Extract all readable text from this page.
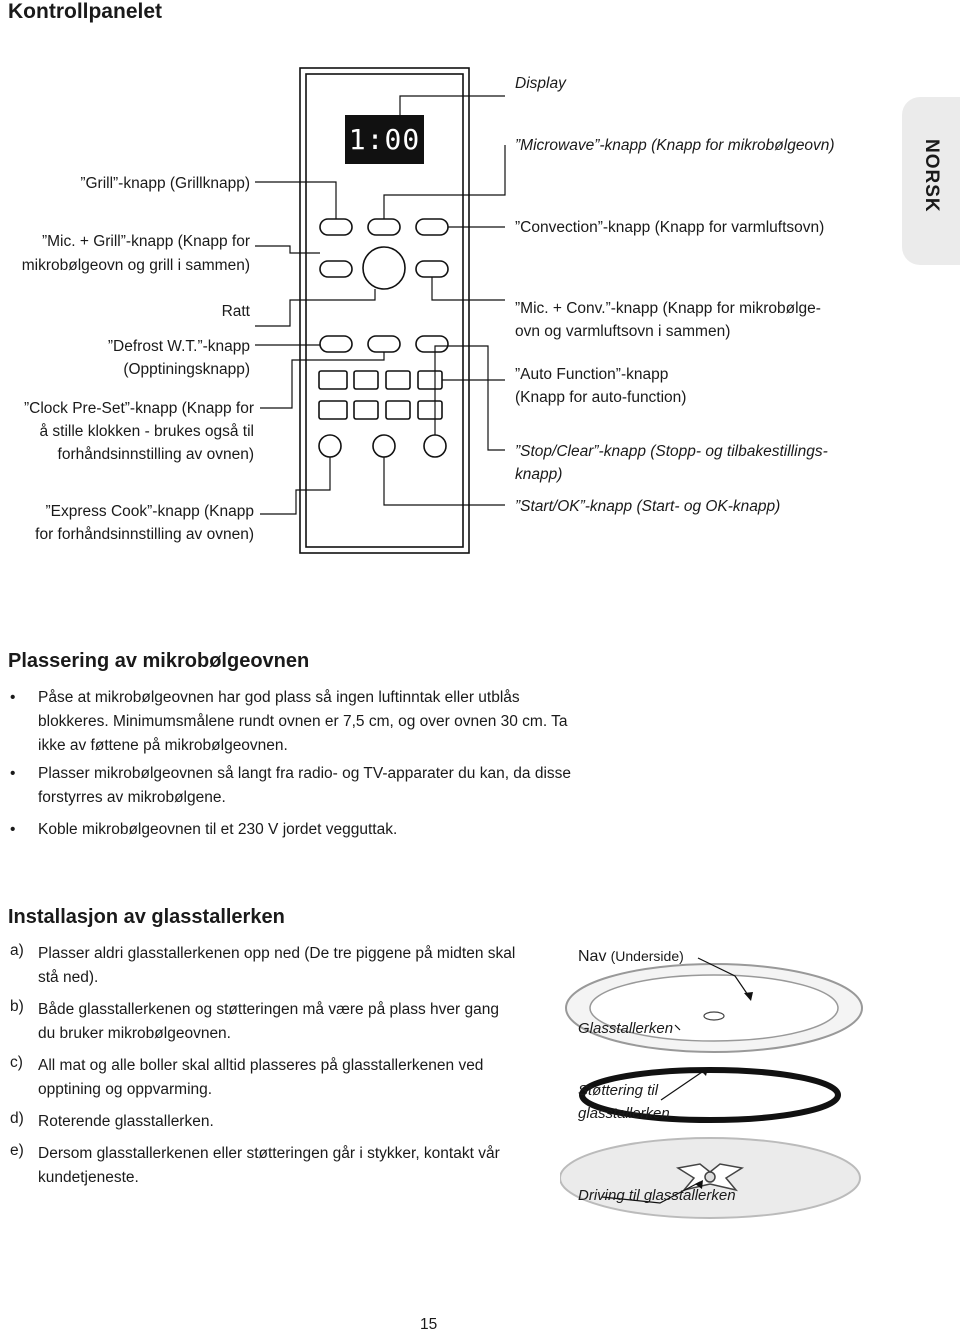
Kontrollpanelet
NORSK
1:00
”Grill”-knapp (Grillknapp)
”Mic. + Grill”-knapp (Knapp for
mikrobølgeovn og grill i sammen)
Ratt
”Defrost W.T.”-knapp
(Opptiningsknapp)
”Clock Pre-Set”-knapp (Knapp for
å stille klokken - brukes også til
forhåndsinnstilling av ovnen)
”Express Cook”-knapp (Knapp
for forhåndsinnstilling av ovnen)
Display
”Microwave”-knapp (Knapp for mikrobølgeovn)
”Convection”-knapp (Knapp for varmluftsovn)
”Mic. + Conv.”-knapp (Knapp for mikrobølge-
ovn og varmluftsovn i sammen)
”Auto Function”-knapp
(Knapp for auto-function)
”Stop/Clear”-knapp (Stopp- og tilbakestillings-
knapp)
”Start/OK”-knapp (Start- og OK-knapp)
Plassering av mikrobølgeovnen
• Påse at mikrobølgeovnen har god plass så ingen luftinntak eller utblås blokkeres. Minimumsmålene rundt ovnen er 7,5 cm, og over ovnen 30 cm. Ta ikke av føttene på mikrobølgeovnen.
• Plasser mikrobølgeovnen så langt fra radio- og TV-apparater du kan, da disse forstyrres av mikrobølgene.
• Koble mikrobølgeovnen til et 230 V jordet vegguttak.
Installasjon av glasstallerken
a) Plasser aldri glasstallerkenen opp ned (De tre piggene på midten skal stå ned).
b) Både glasstallerkenen og støtteringen må være på plass hver gang du bruker mikrobølgeovnen.
c) All mat og alle boller skal alltid plasseres på glasstallerkenen ved opptining og oppvarming.
d) Roterende glasstallerken.
e) Dersom glasstallerkenen eller støtteringen går i stykker, kontakt vår kundetjeneste.
Nav (Underside)
Glasstallerken
Støttering til
glasstallerken
Driving til glasstallerken
15
